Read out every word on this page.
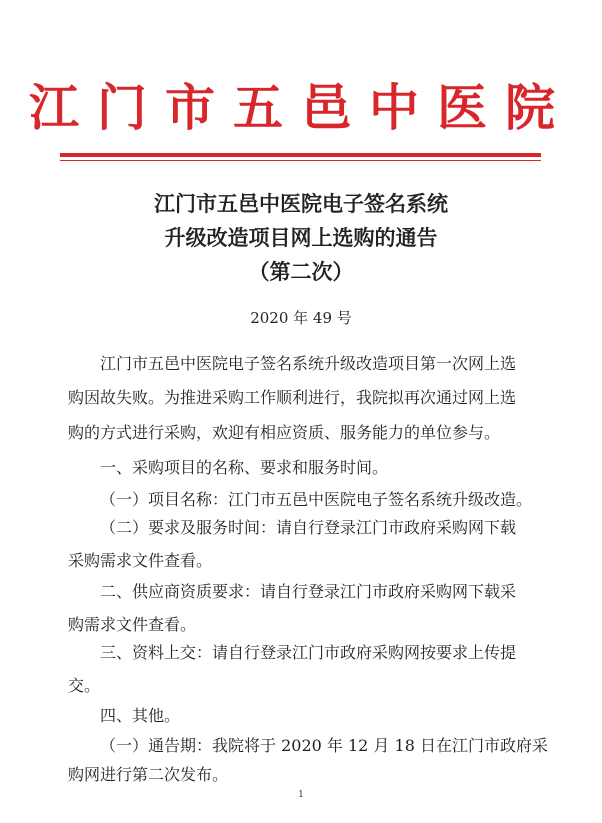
江门市五邑中医院
江门市五邑中医院电子签名系统
升级改造项目网上选购的通告
（第二次）
2020 年 49 号
江门市五邑中医院电子签名系统升级改造项目第一次网上选
购因故失败。为推进采购工作顺利进行，我院拟再次通过网上选
购的方式进行采购，欢迎有相应资质、服务能力的单位参与。
一、采购项目的名称、要求和服务时间。
（一）项目名称：江门市五邑中医院电子签名系统升级改造。
（二）要求及服务时间：请自行登录江门市政府采购网下载
采购需求文件查看。
二、供应商资质要求：请自行登录江门市政府采购网下载采
购需求文件查看。
三、资料上交：请自行登录江门市政府采购网按要求上传提
交。
四、其他。
（一）通告期：我院将于 2020 年 12 月 18 日在江门市政府采
购网进行第二次发布。
1
